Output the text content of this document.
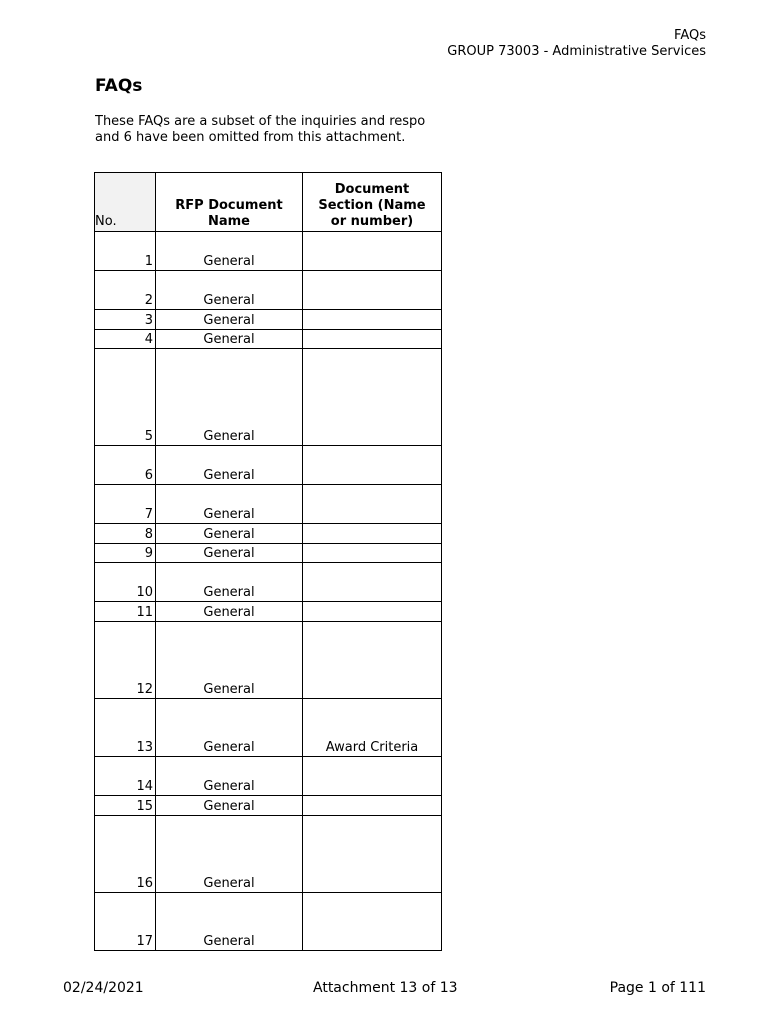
FAQs
GROUP 73003 - Administrative Services
FAQs
These FAQs are a subset of the inquiries and respo
and 6 have been omitted from this attachment.
No.	RFP Document Name	Document Section (Name or number)

1	General	
2	General	
3	General	
4	General	
5	General	
6	General	
7	General	
8	General	
9	General	
10	General	
11	General	
12	General	
13	General	Award Criteria
14	General	
15	General	
16	General	
17	General	
02/24/2021	Attachment 13 of 13	Page 1 of 111
